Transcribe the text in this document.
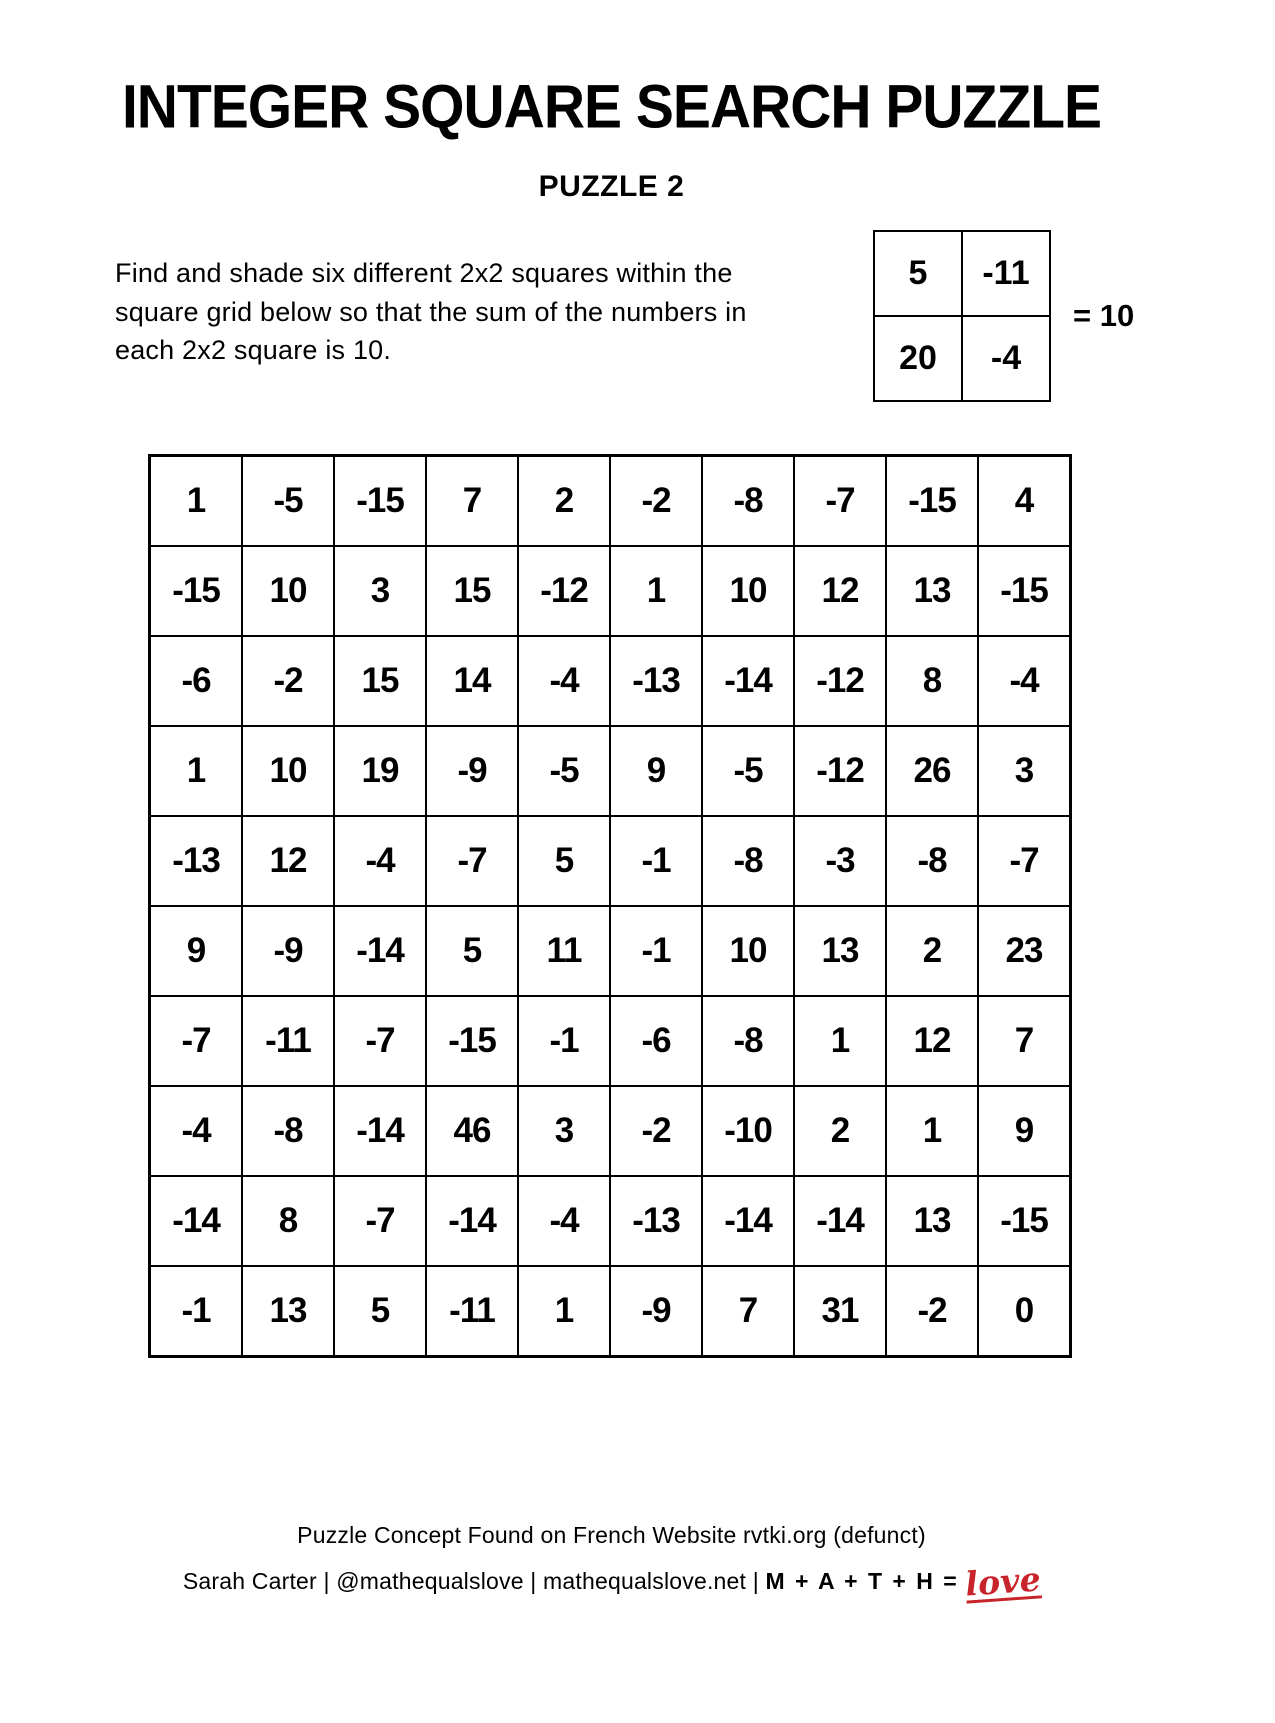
INTEGER SQUARE SEARCH PUZZLE
PUZZLE 2
Find and shade six different 2x2 squares within the square grid below so that the sum of the numbers in each 2x2 square is 10.
5	-11
20	-4
= 10
1	-5	-15	7	2	-2	-8	-7	-15	4
-15	10	3	15	-12	1	10	12	13	-15
-6	-2	15	14	-4	-13	-14	-12	8	-4
1	10	19	-9	-5	9	-5	-12	26	3
-13	12	-4	-7	5	-1	-8	-3	-8	-7
9	-9	-14	5	11	-1	10	13	2	23
-7	-11	-7	-15	-1	-6	-8	1	12	7
-4	-8	-14	46	3	-2	-10	2	1	9
-14	8	-7	-14	-4	-13	-14	-14	13	-15
-1	13	5	-11	1	-9	7	31	-2	0
Puzzle Concept Found on French Website rvtki.org (defunct)
Sarah Carter | @mathequalslove | mathequalslove.net | M + A + T + H = love
